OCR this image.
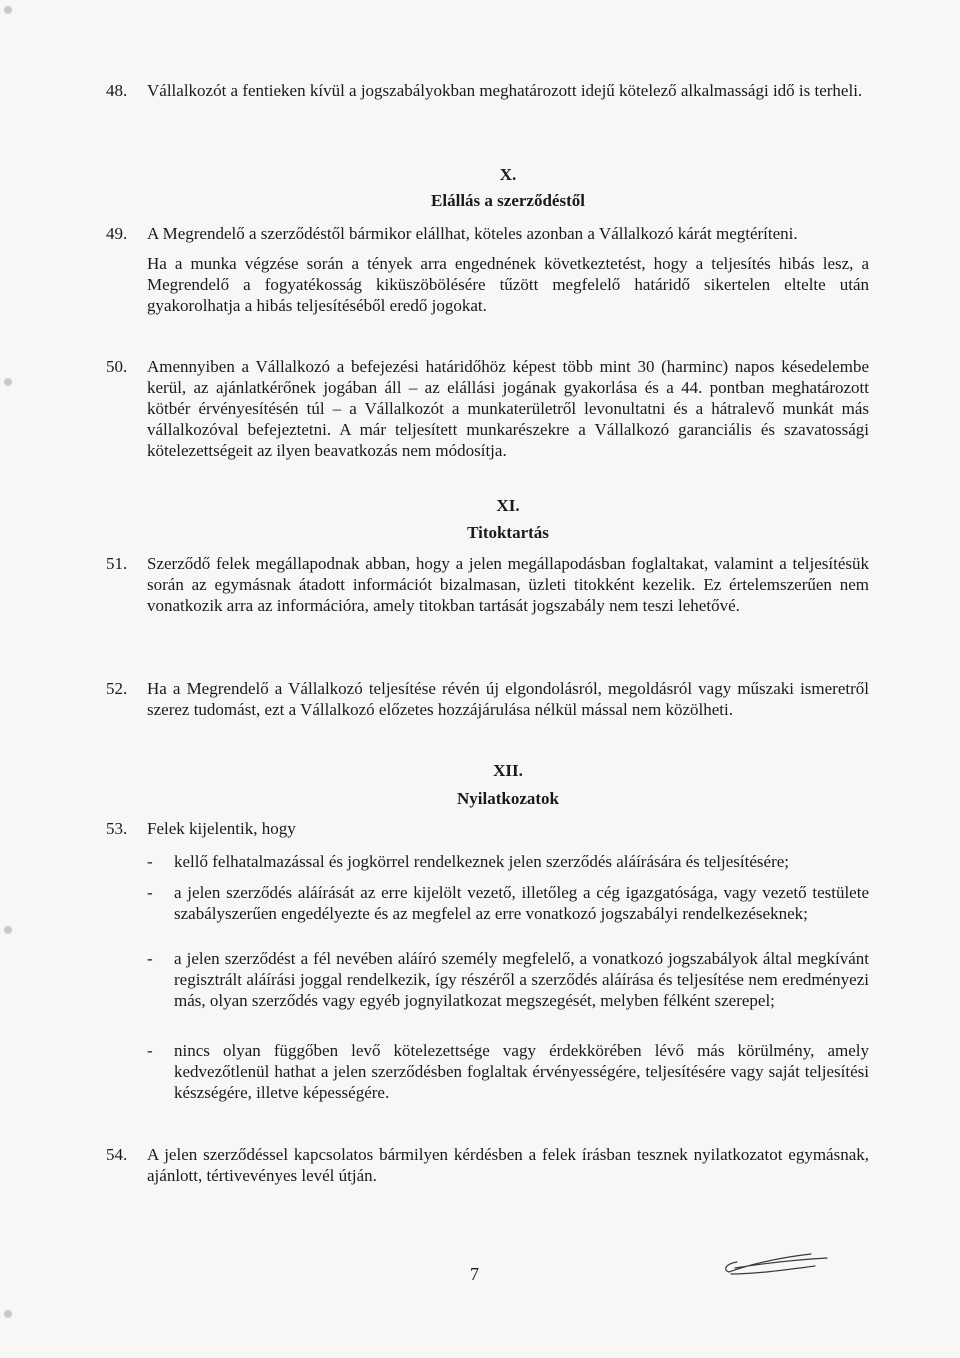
48. Vállalkozót a fentieken kívül a jogszabályokban meghatározott idejű kötelező alkalmassági idő is terheli.
X.
Elállás a szerződéstől
49. A Megrendelő a szerződéstől bármikor elállhat, köteles azonban a Vállalkozó kárát megtéríteni.
Ha a munka végzése során a tények arra engednének következtetést, hogy a teljesítés hibás lesz, a Megrendelő a fogyatékosság kiküszöbölésére tűzött megfelelő határidő sikertelen eltelte után gyakorolhatja a hibás teljesítéséből eredő jogokat.
50. Amennyiben a Vállalkozó a befejezési határidőhöz képest több mint 30 (harminc) napos késedelembe kerül, az ajánlatkérőnek jogában áll – az elállási jogának gyakorlása és a 44. pontban meghatározott kötbér érvényesítésén túl – a Vállalkozót a munkaterületről levonultatni és a hátralevő munkát más vállalkozóval befejeztetni. A már teljesített munkarészekre a Vállalkozó garanciális és szavatossági kötelezettségeit az ilyen beavatkozás nem módosítja.
XI.
Titoktartás
51. Szerződő felek megállapodnak abban, hogy a jelen megállapodásban foglaltakat, valamint a teljesítésük során az egymásnak átadott információt bizalmasan, üzleti titokként kezelik. Ez értelemszerűen nem vonatkozik arra az információra, amely titokban tartását jogszabály nem teszi lehetővé.
52. Ha a Megrendelő a Vállalkozó teljesítése révén új elgondolásról, megoldásról vagy műszaki ismeretről szerez tudomást, ezt a Vállalkozó előzetes hozzájárulása nélkül mással nem közölheti.
XII.
Nyilatkozatok
53. Felek kijelentik, hogy
- kellő felhatalmazással és jogkörrel rendelkeznek jelen szerződés aláírására és teljesítésére;
- a jelen szerződés aláírását az erre kijelölt vezető, illetőleg a cég igazgatósága, vagy vezető testülete szabályszerűen engedélyezte és az megfelel az erre vonatkozó jogszabályi rendelkezéseknek;
- a jelen szerződést a fél nevében aláíró személy megfelelő, a vonatkozó jogszabályok által megkívánt regisztrált aláírási joggal rendelkezik, így részéről a szerződés aláírása és teljesítése nem eredményezi más, olyan szerződés vagy egyéb jognyilatkozat megszegését, melyben félként szerepel;
- nincs olyan függőben levő kötelezettsége vagy érdekkörében lévő más körülmény, amely kedvezőtlenül hathat a jelen szerződésben foglaltak érvényességére, teljesítésére vagy saját teljesítési készségére, illetve képességére.
54. A jelen szerződéssel kapcsolatos bármilyen kérdésben a felek írásban tesznek nyilatkozatot egymásnak, ajánlott, tértivevényes levél útján.
7
